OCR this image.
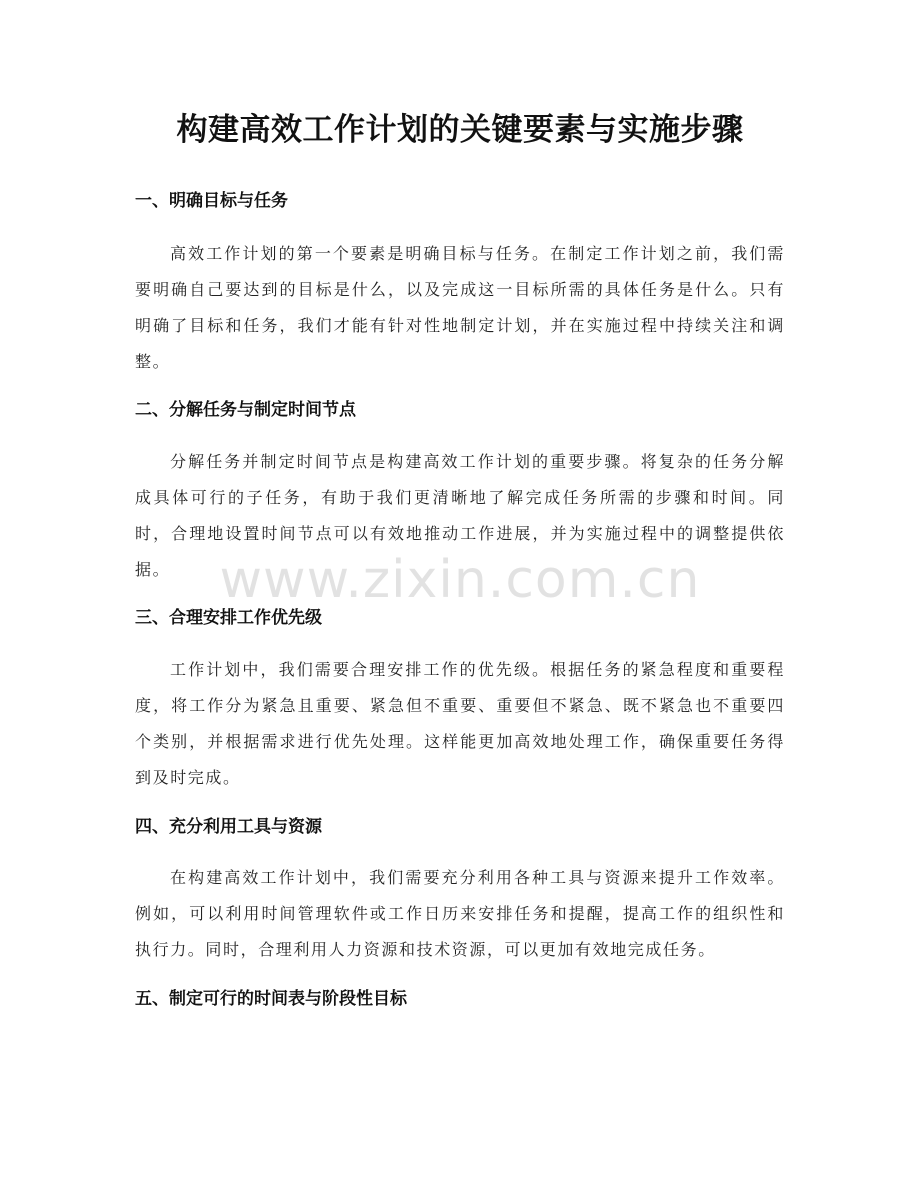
构建高效工作计划的关键要素与实施步骤
一、明确目标与任务

高效工作计划的第一个要素是明确目标与任务。在制定工作计划之前，我们需要明确自己要达到的目标是什么，以及完成这一目标所需的具体任务是什么。只有明确了目标和任务，我们才能有针对性地制定计划，并在实施过程中持续关注和调整。

二、分解任务与制定时间节点

分解任务并制定时间节点是构建高效工作计划的重要步骤。将复杂的任务分解成具体可行的子任务，有助于我们更清晰地了解完成任务所需的步骤和时间。同时，合理地设置时间节点可以有效地推动工作进展，并为实施过程中的调整提供依据。

三、合理安排工作优先级

工作计划中，我们需要合理安排工作的优先级。根据任务的紧急程度和重要程度，将工作分为紧急且重要、紧急但不重要、重要但不紧急、既不紧急也不重要四个类别，并根据需求进行优先处理。这样能更加高效地处理工作，确保重要任务得到及时完成。

四、充分利用工具与资源

在构建高效工作计划中，我们需要充分利用各种工具与资源来提升工作效率。例如，可以利用时间管理软件或工作日历来安排任务和提醒，提高工作的组织性和执行力。同时，合理利用人力资源和技术资源，可以更加有效地完成任务。

五、制定可行的时间表与阶段性目标
www.zixin.com.cn
